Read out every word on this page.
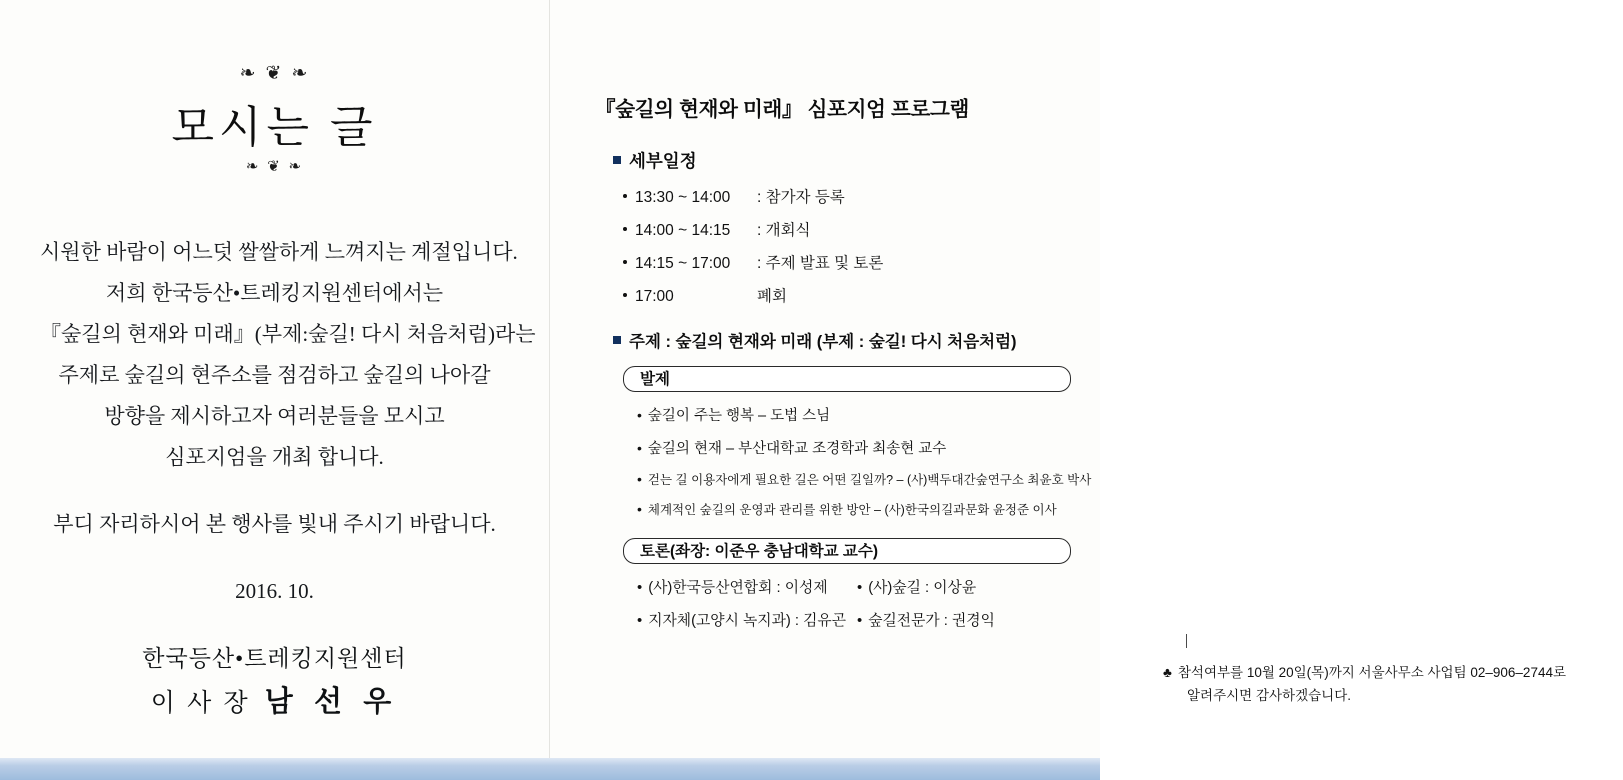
❧ ❦ ❧
모시는 글
❧ ❦ ❧
시원한 바람이 어느덧 쌀쌀하게 느껴지는 계절입니다.
저희 한국등산•트레킹지원센터에서는
『숲길의 현재와 미래』(부제:숲길! 다시 처음처럼)라는
주제로 숲길의 현주소를 점검하고 숲길의 나아갈
방향을 제시하고자 여러분들을 모시고
심포지엄을 개최 합니다.
부디 자리하시어 본 행사를 빛내 주시기 바랍니다.
2016. 10.
한국등산•트레킹지원센터
이 사 장 남 선 우
『숲길의 현재와 미래』 심포지엄 프로그램
세부일정
13:30 ~ 14:00 : 참가자 등록
14:00 ~ 14:15 : 개회식
14:15 ~ 17:00 : 주제 발표 및 토론
17:00	폐회
주제 : 숲길의 현재와 미래 (부제 : 숲길! 다시 처음처럼)
발제
• 숲길이 주는 행복 – 도법 스님
• 숲길의 현재 – 부산대학교 조경학과 최송현 교수
• 걷는 길 이용자에게 필요한 길은 어떤 길일까? – (사)백두대간숲연구소 최윤호 박사
• 체계적인 숲길의 운영과 관리를 위한 방안 – (사)한국의길과문화 윤정준 이사
토론(좌장: 이준우 충남대학교 교수)
• (사)한국등산연합회 : 이성제	• (사)숲길 : 이상윤
• 지자체(고양시 녹지과) : 김유곤 • 숲길전문가 : 권경익
♣ 참석여부를 10월 20일(목)까지 서울사무소 사업팀 02–906–2744로
알려주시면 감사하겠습니다.
